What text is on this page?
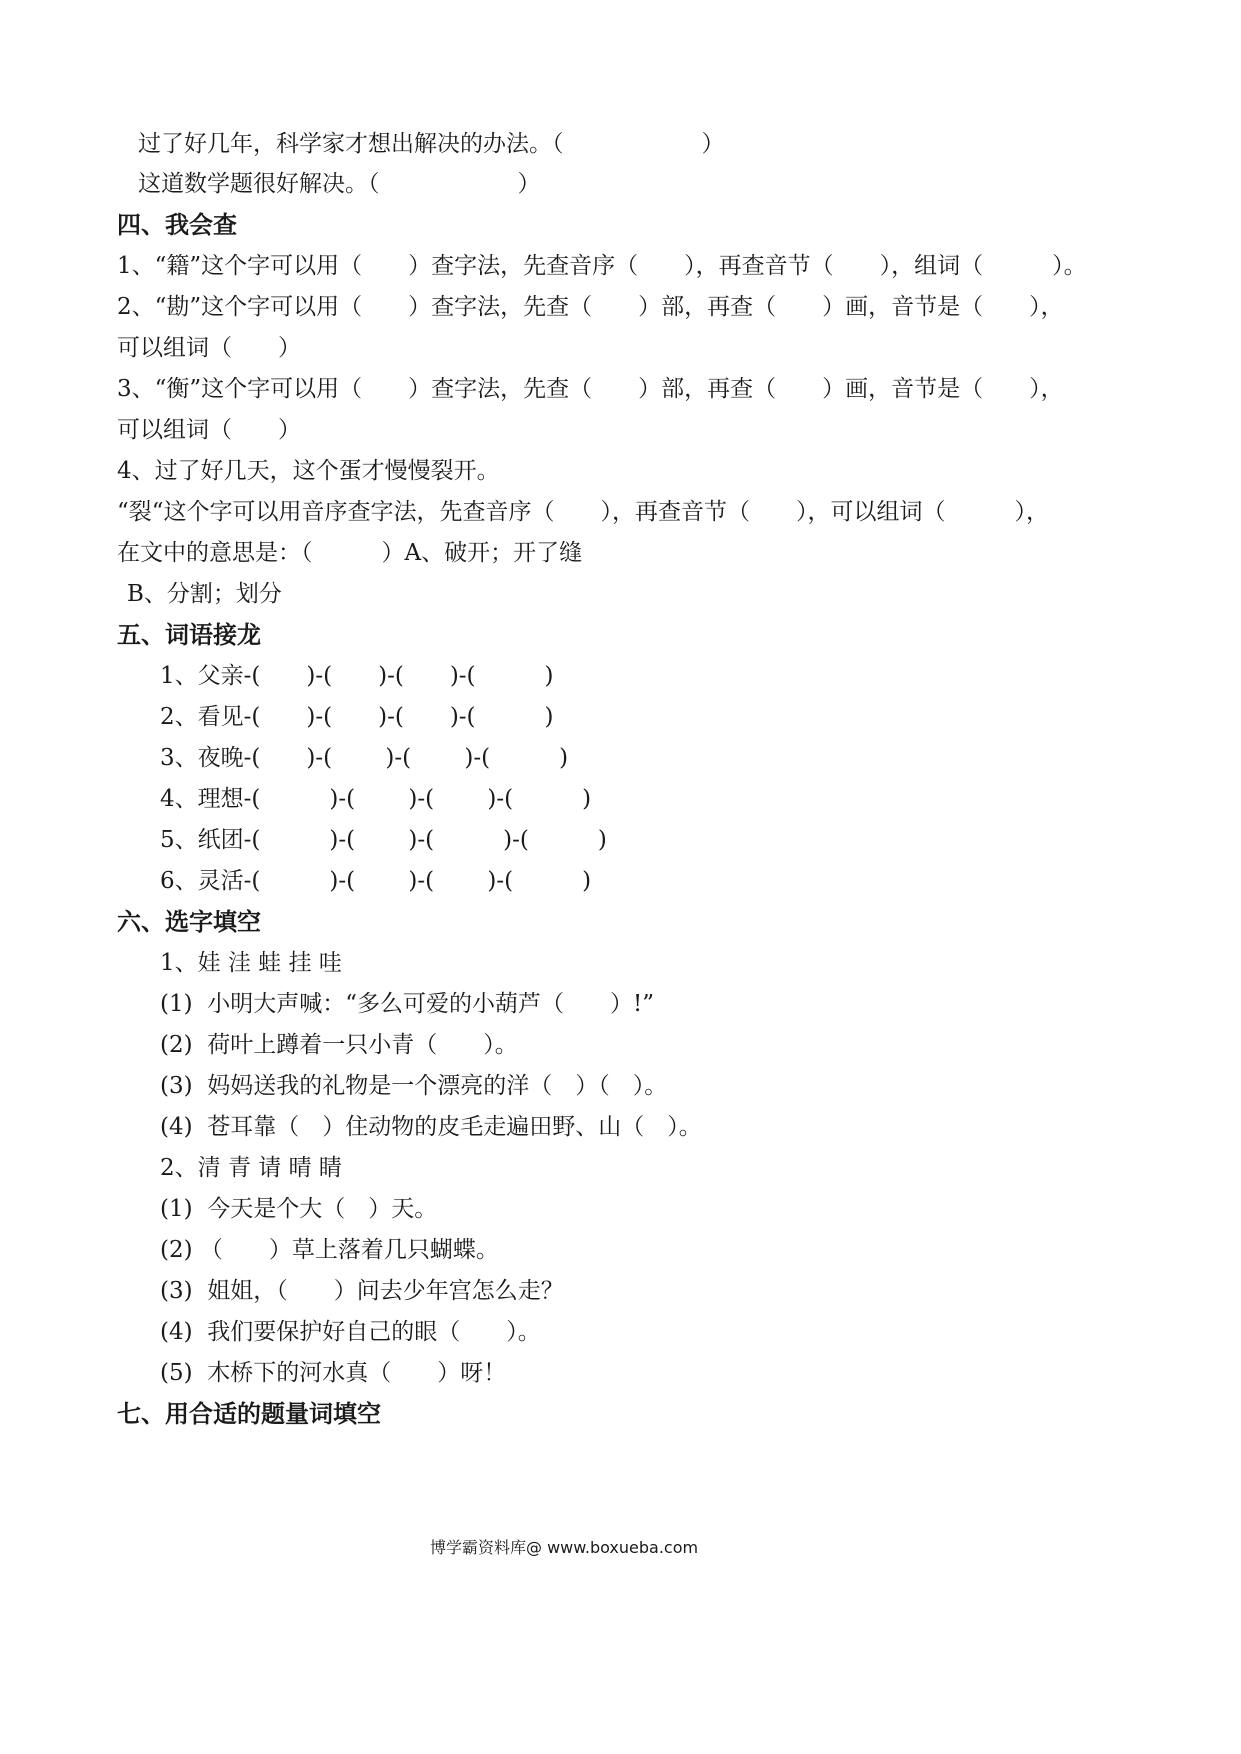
过了好几年，科学家才想出解决的办法。（　　　　　　）
这道数学题很好解决。（　　　　　　）
四、我会查
1、“籍”这个字可以用（　　）查字法，先查音序（　　），再查音节（　　），组词（　　　）。
2、“勘”这个字可以用（　　）查字法，先查（　　）部，再查（　　）画，音节是（　　），
可以组词（　　）
3、“衡”这个字可以用（　　）查字法，先查（　　）部，再查（　　）画，音节是（　　），
可以组词（　　）
4、过了好几天，这个蛋才慢慢裂开。
“裂“这个字可以用音序查字法，先查音序（　　），再查音节（　　），可以组词（　　　），
在文中的意思是：（　　　）A、破开；开了缝
B、分割；划分
五、词语接龙
1、父亲-(　　)-(　　)-(　　)-(　　　)
2、看见-(　　)-(　　)-(　　)-(　　　)
3、夜晚-(　　)-(　　 )-(　　 )-(　　　)
4、理想-(　　　)-(　　 )-(　　 )-(　　　)
5、纸团-(　　　)-(　　 )-(　　　)-(　　　)
6、灵活-(　　　)-(　　 )-(　　 )-(　　　)
六、选字填空
1、娃 洼 蛙 挂 哇
(1)  小明大声喊：“多么可爱的小葫芦（　　）!”
(2)  荷叶上蹲着一只小青（　　）。
(3)  妈妈送我的礼物是一个漂亮的洋（　）（　）。
(4)  苍耳靠（　）住动物的皮毛走遍田野、山（　）。
2、清 青 请 晴 睛
(1)  今天是个大（　）天。
(2) （　　）草上落着几只蝴蝶。
(3)  姐姐，（　　）问去少年宫怎么走？
(4)  我们要保护好自己的眼（　　）。
(5)  木桥下的河水真（　　）呀！
七、用合适的题量词填空
博学霸资料库@ www.boxueba.com
